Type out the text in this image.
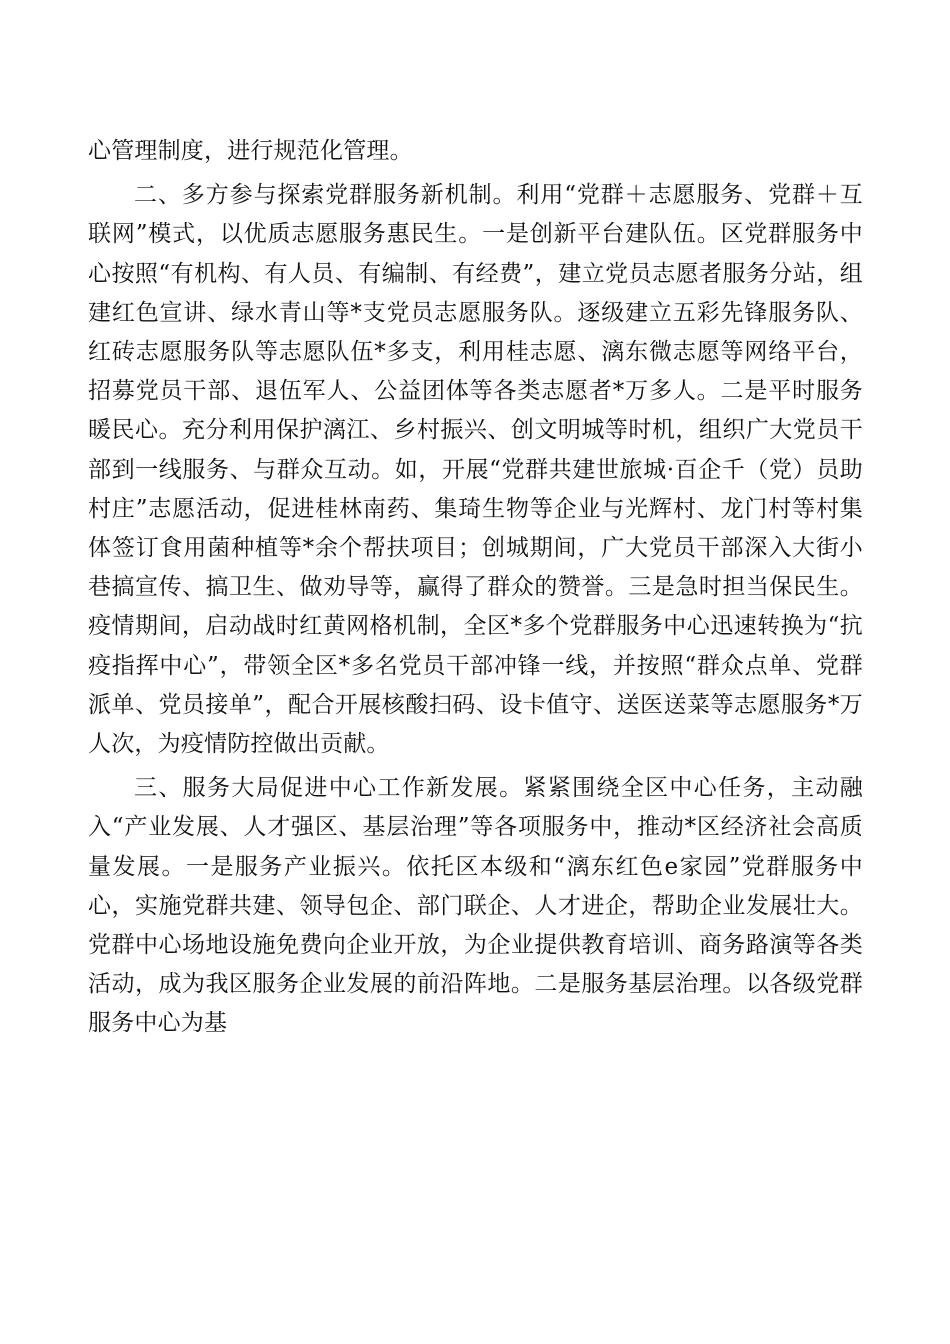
心管理制度，进行规范化管理。

二、多方参与探索党群服务新机制。利用“党群＋志愿服务、党群＋互联网”模式，以优质志愿服务惠民生。一是创新平台建队伍。区党群服务中心按照“有机构、有人员、有编制、有经费”，建立党员志愿者服务分站，组建红色宣讲、绿水青山等*支党员志愿服务队。逐级建立五彩先锋服务队、红砖志愿服务队等志愿队伍*多支，利用桂志愿、漓东微志愿等网络平台，招募党员干部、退伍军人、公益团体等各类志愿者*万多人。二是平时服务暖民心。充分利用保护漓江、乡村振兴、创文明城等时机，组织广大党员干部到一线服务、与群众互动。如，开展“党群共建世旅城·百企千（党）员助村庄”志愿活动，促进桂林南药、集琦生物等企业与光辉村、龙门村等村集体签订食用菌种植等*余个帮扶项目；创城期间，广大党员干部深入大街小巷搞宣传、搞卫生、做劝导等，赢得了群众的赞誉。三是急时担当保民生。疫情期间，启动战时红黄网格机制，全区*多个党群服务中心迅速转换为“抗疫指挥中心”，带领全区*多名党员干部冲锋一线，并按照“群众点单、党群派单、党员接单”，配合开展核酸扫码、设卡值守、送医送菜等志愿服务*万人次，为疫情防控做出贡献。

三、服务大局促进中心工作新发展。紧紧围绕全区中心任务，主动融入“产业发展、人才强区、基层治理”等各项服务中，推动*区经济社会高质量发展。一是服务产业振兴。依托区本级和“漓东红色e家园”党群服务中心，实施党群共建、领导包企、部门联企、人才进企，帮助企业发展壮大。党群中心场地设施免费向企业开放，为企业提供教育培训、商务路演等各类活动，成为我区服务企业发展的前沿阵地。二是服务基层治理。以各级党群服务中心为基
